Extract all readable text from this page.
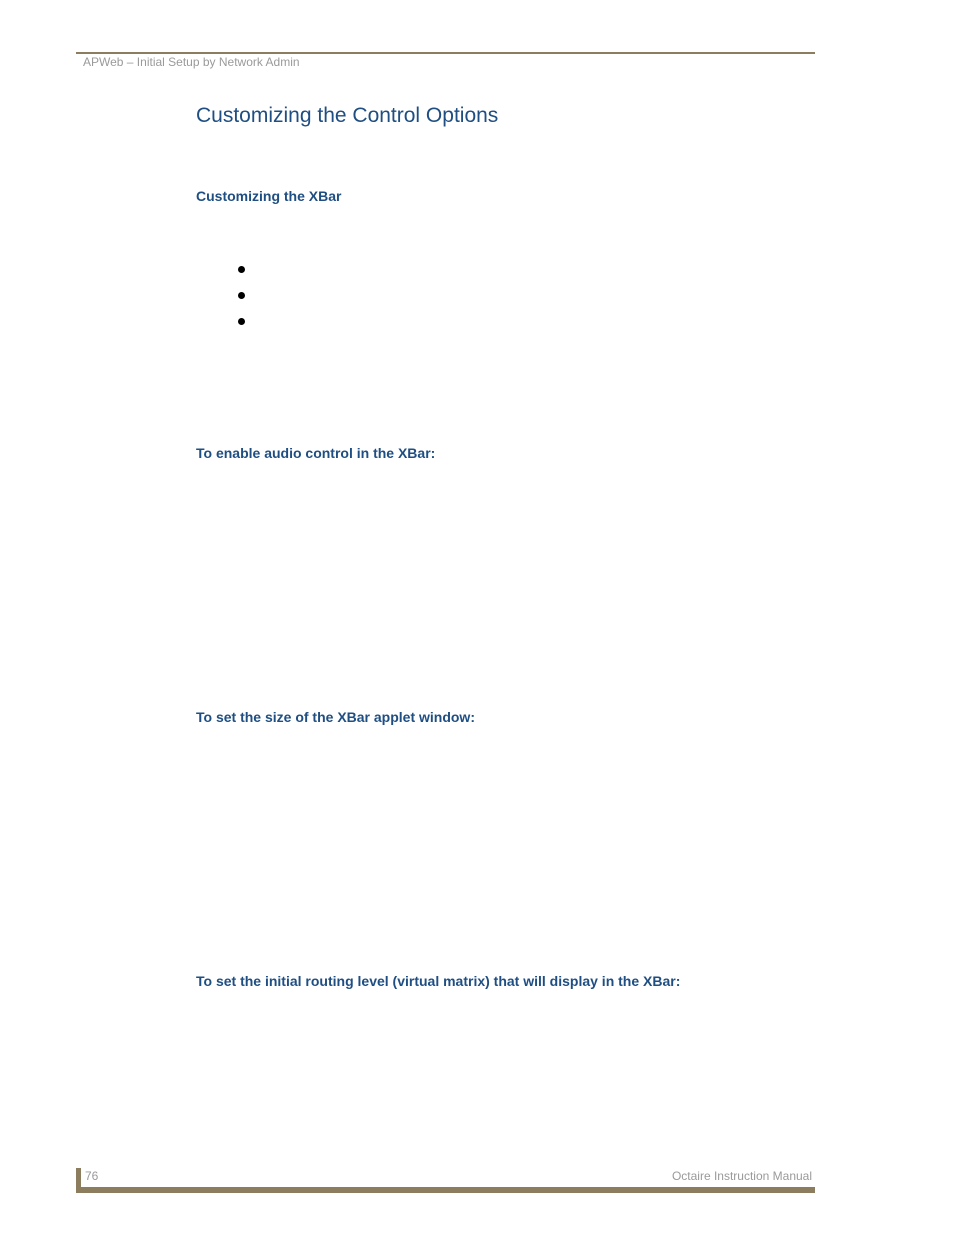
APWeb – Initial Setup by Network Admin
Customizing the Control Options
Customizing the XBar
To enable audio control in the XBar:
To set the size of the XBar applet window:
To set the initial routing level (virtual matrix) that will display in the XBar:
76	Octaire Instruction Manual
